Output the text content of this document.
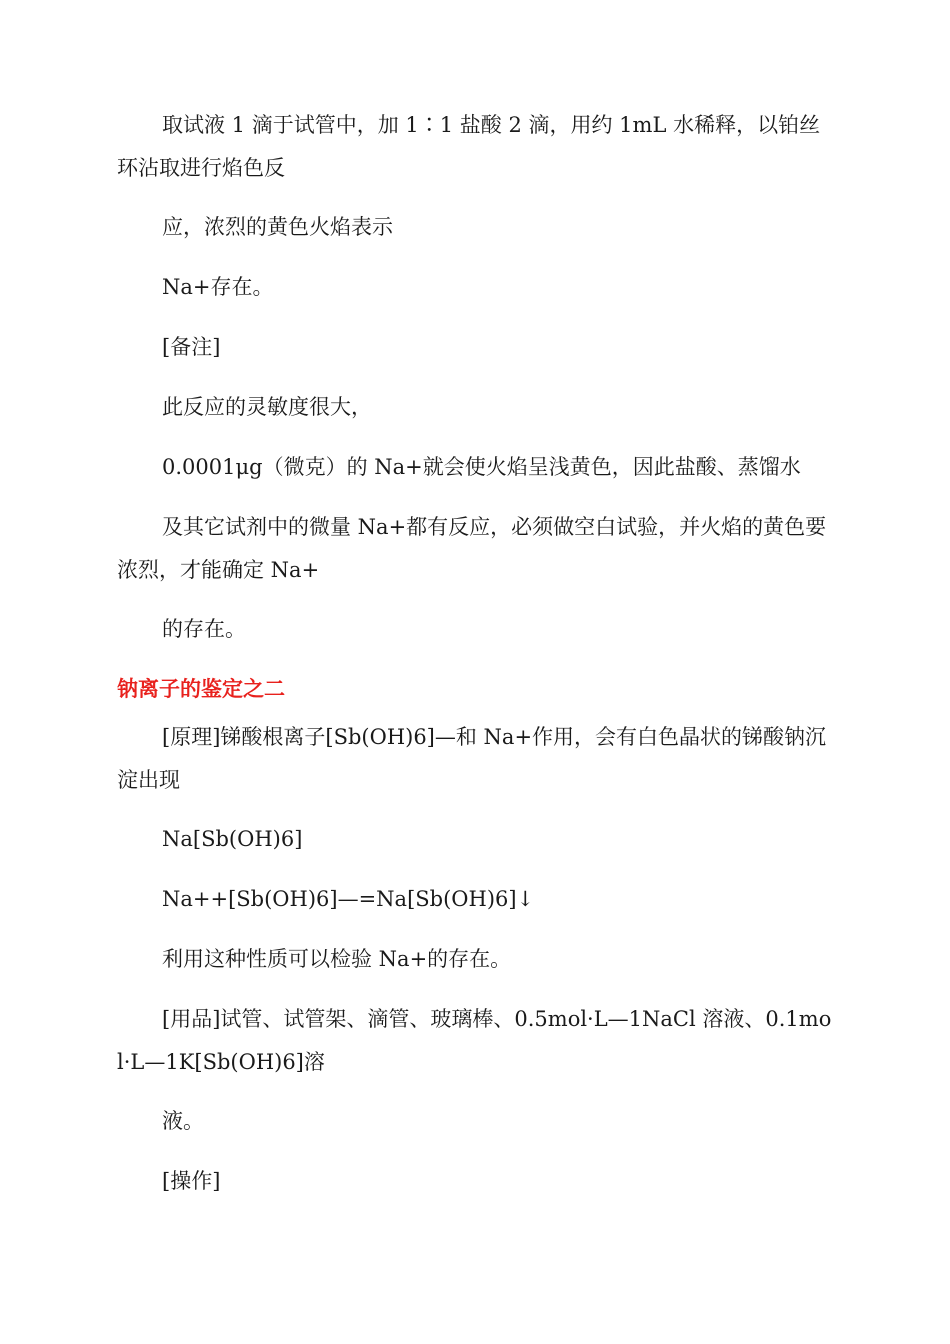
取试液 1 滴于试管中，加 1∶1 盐酸 2 滴，用约 1mL 水稀释，以铂丝环沾取进行焰色反

应，浓烈的黄色火焰表示

Na+存在。

[备注]

此反应的灵敏度很大，

0.0001μg（微克）的 Na+就会使火焰呈浅黄色，因此盐酸、蒸馏水

及其它试剂中的微量 Na+都有反应，必须做空白试验，并火焰的黄色要浓烈，才能确定 Na+

的存在。

钠离子的鉴定之二

[原理]锑酸根离子[Sb(OH)6]—和 Na+作用，会有白色晶状的锑酸钠沉淀出现

Na[Sb(OH)6]

Na++[Sb(OH)6]—=Na[Sb(OH)6]↓

利用这种性质可以检验 Na+的存在。

[用品]试管、试管架、滴管、玻璃棒、0.5mol·L—1NaCl 溶液、0.1mol·L—1K[Sb(OH)6]溶

液。

[操作]
